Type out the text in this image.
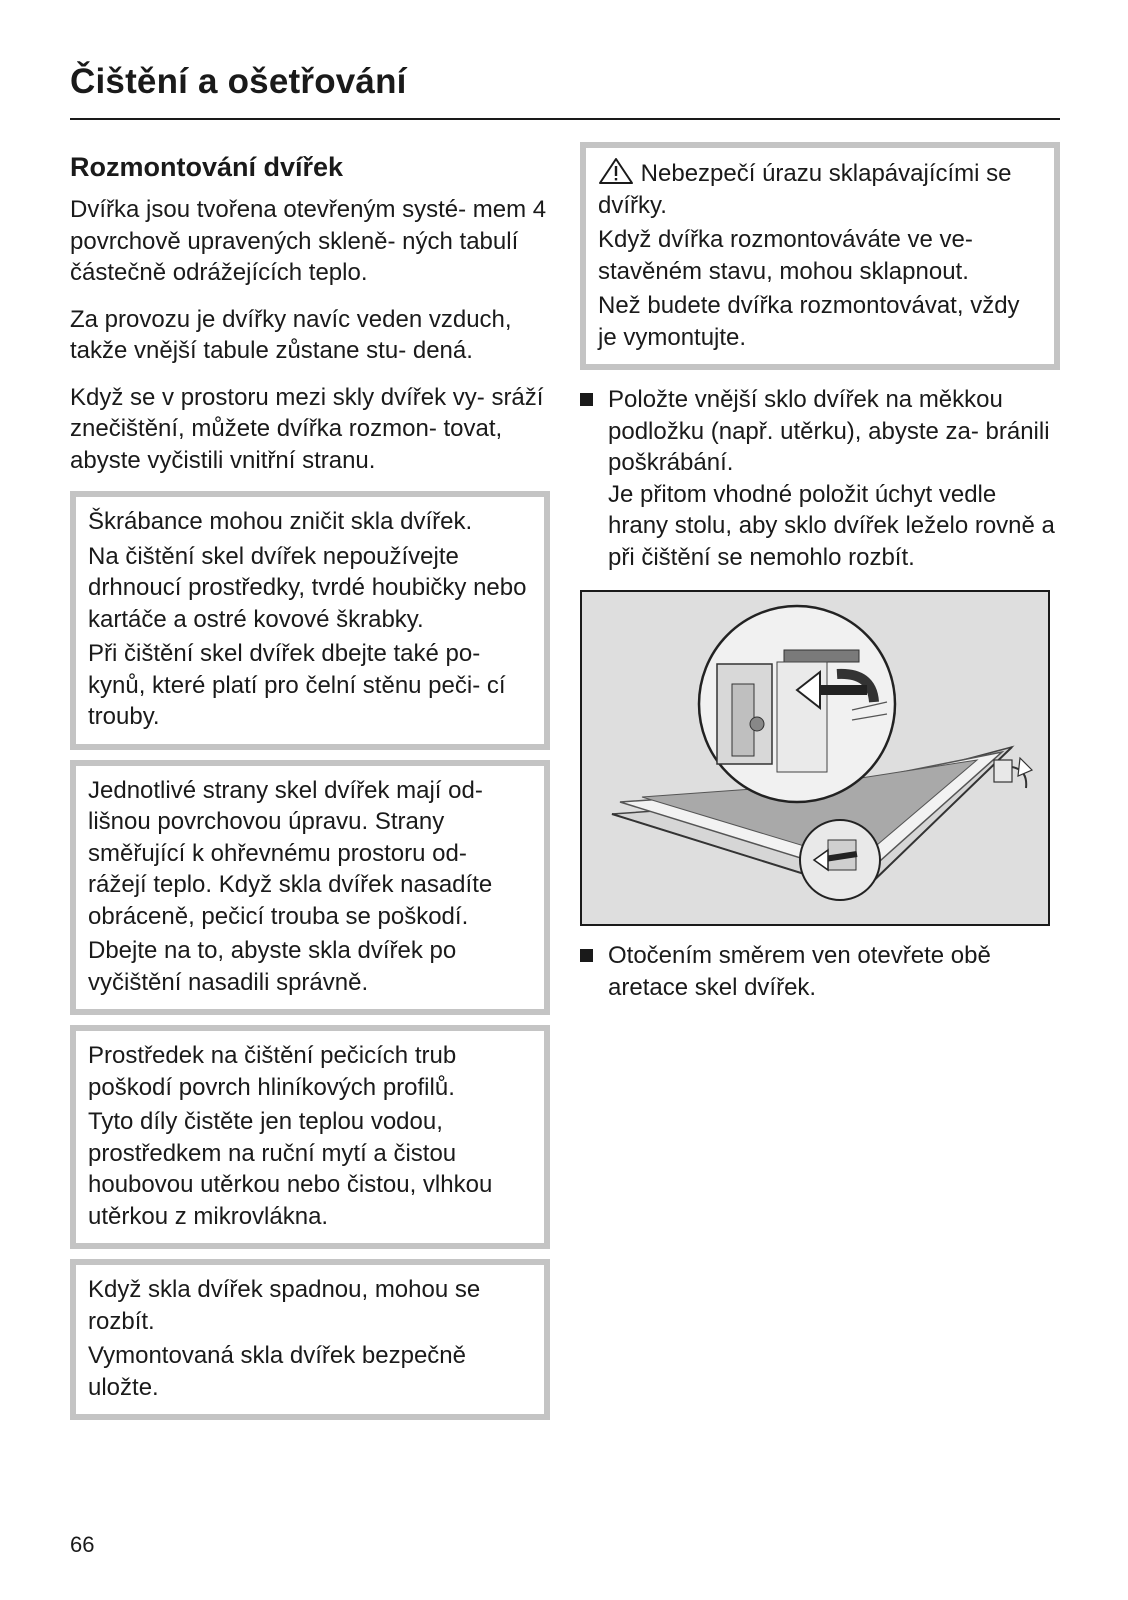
Čištění a ošetřování
Rozmontování dvířek

Dvířka jsou tvořena otevřeným systé- mem 4 povrchově upravených skleně- ných tabulí částečně odrážejících teplo.

Za provozu je dvířky navíc veden vzduch, takže vnější tabule zůstane stu- dená.

Když se v prostoru mezi skly dvířek vy- sráží znečištění, můžete dvířka rozmon- tovat, abyste vyčistili vnitřní stranu.

Škrábance mohou zničit skla dvířek.

Na čištění skel dvířek nepoužívejte drhnoucí prostředky, tvrdé houbičky nebo kartáče a ostré kovové škrabky.

Při čištění skel dvířek dbejte také po- kynů, které platí pro čelní stěnu peči- cí trouby.

Jednotlivé strany skel dvířek mají od- lišnou povrchovou úpravu. Strany směřující k ohřevnému prostoru od- rážejí teplo. Když skla dvířek nasadíte obráceně, pečicí trouba se poškodí.

Dbejte na to, abyste skla dvířek po vyčištění nasadili správně.

Prostředek na čištění pečicích trub poškodí povrch hliníkových profilů.

Tyto díly čistěte jen teplou vodou, prostředkem na ruční mytí a čistou houbovou utěrkou nebo čistou, vlhkou utěrkou z mikrovlákna.

Když skla dvířek spadnou, mohou se rozbít.

Vymontovaná skla dvířek bezpečně uložte.

Nebezpečí úrazu sklapávajícími se dvířky.

Když dvířka rozmontováváte ve ve- stavěném stavu, mohou sklapnout.

Než budete dvířka rozmontovávat, vždy je vymontujte.

Položte vnější sklo dvířek na měkkou podložku (např. utěrku), abyste za- bránili poškrábání.

Je přitom vhodné položit úchyt vedle hrany stolu, aby sklo dvířek leželo rovně a při čištění se nemohlo rozbít.

Otočením směrem ven otevřete obě aretace skel dvířek.

66
